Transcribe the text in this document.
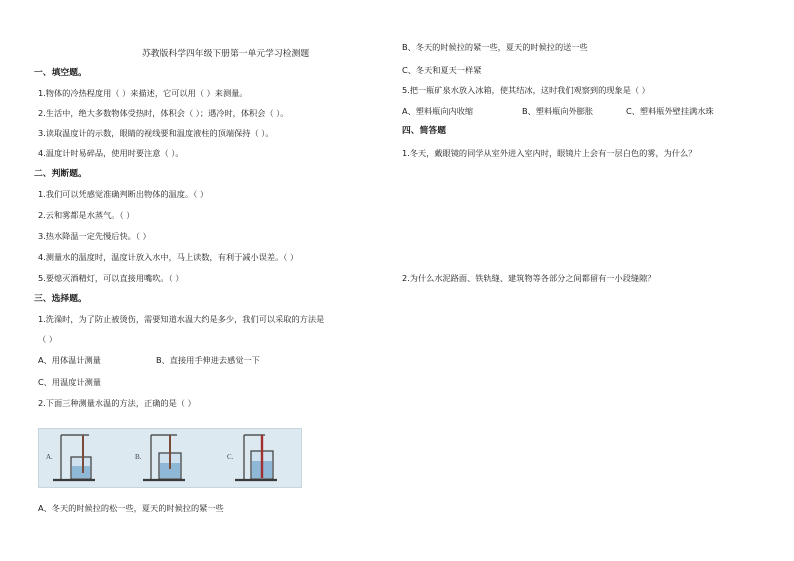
苏教版科学四年级下册第一单元学习检测题
一、填空题。
1.物体的冷热程度用（ ）来描述，它可以用（ ）来测量。
2.生活中，绝大多数物体受热时，体积会（ ）；遇冷时，体积会（ ）。
3.读取温度计的示数，眼睛的视线要和温度液柱的顶端保持（ ）。
4.温度计时易碎品，使用时要注意（ ）。
二、判断题。
1.我们可以凭感觉准确判断出物体的温度。（ ）
2.云和雾都是水蒸气。（ ）
3.热水降温一定先慢后快。（ ）
4.测量水的温度时，温度计放入水中，马上读数，有利于减小误差。（ ）
5.要熄灭酒精灯，可以直接用嘴吹。（ ）
三、选择题。
1.洗澡时，为了防止被烫伤，需要知道水温大约是多少，我们可以采取的方法是
（ ）
A、用体温计测量	B、直接用手伸进去感觉一下
C、用温度计测量
2.下面三种测量水温的方法，正确的是（ ）
A.	B.	C.
A、冬天的时候拉的松一些，夏天的时候拉的紧一些
B、冬天的时候拉的紧一些，夏天的时候拉的送一些
C、冬天和夏天一样紧
5.把一瓶矿泉水放入冰箱，使其结冰，这时我们观察到的现象是（ ）
A、塑料瓶向内收缩	B、塑料瓶向外膨胀	C、塑料瓶外壁挂满水珠
四、简答题
1.冬天，戴眼镜的同学从室外进入室内时，眼镜片上会有一层白色的雾，为什么？
2.为什么水泥路面、铁轨缝、建筑物等各部分之间都留有一小段缝隙？
